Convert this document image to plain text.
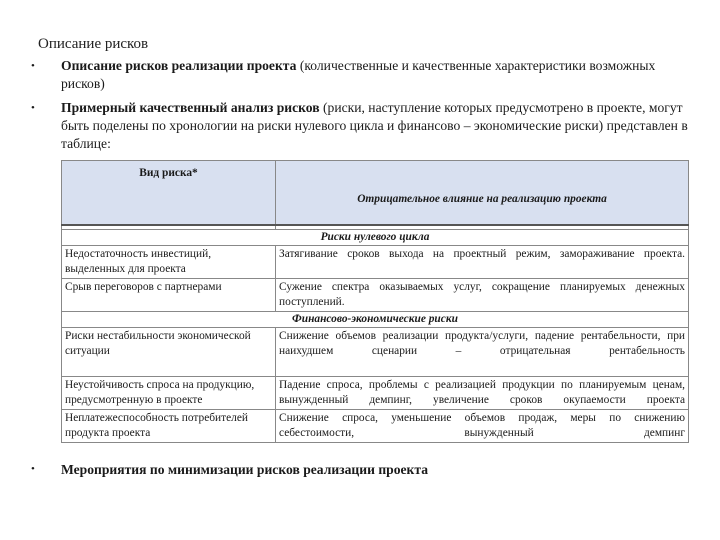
Описание рисков
• Описание рисков реализации проекта (количественные и качественные характеристики возможных рисков)
• Примерный качественный анализ рисков (риски, наступление которых предусмотрено в проекте, могут быть поделены по хронологии на риски нулевого цикла и финансово – экономические риски) представлен в таблице:
Вид риска*	Отрицательное влияние на реализацию проекта

Риски нулевого цикла	
Недостаточность инвестиций, выделенных для проекта	Затягивание сроков выхода на проектный режим, замораживание проекта.
Срыв переговоров с партнерами	Сужение спектра оказываемых услуг, сокращение планируемых денежных поступлений.
Финансово-экономические риски	
Риски нестабильности экономической ситуации	Снижение объемов реализации продукта/услуги, падение рентабельности, при наихудшем сценарии – отрицательная рентабельность
Неустойчивость спроса на продукцию, предусмотренную в проекте	Падение спроса, проблемы с реализацией продукции по планируемым ценам, вынужденный демпинг, увеличение сроков окупаемости проекта
Неплатежеспособность потребителей продукта проекта	Снижение спроса, уменьшение объемов продаж, меры по снижению себестоимости, вынужденный демпинг
• Мероприятия по минимизации рисков реализации проекта
